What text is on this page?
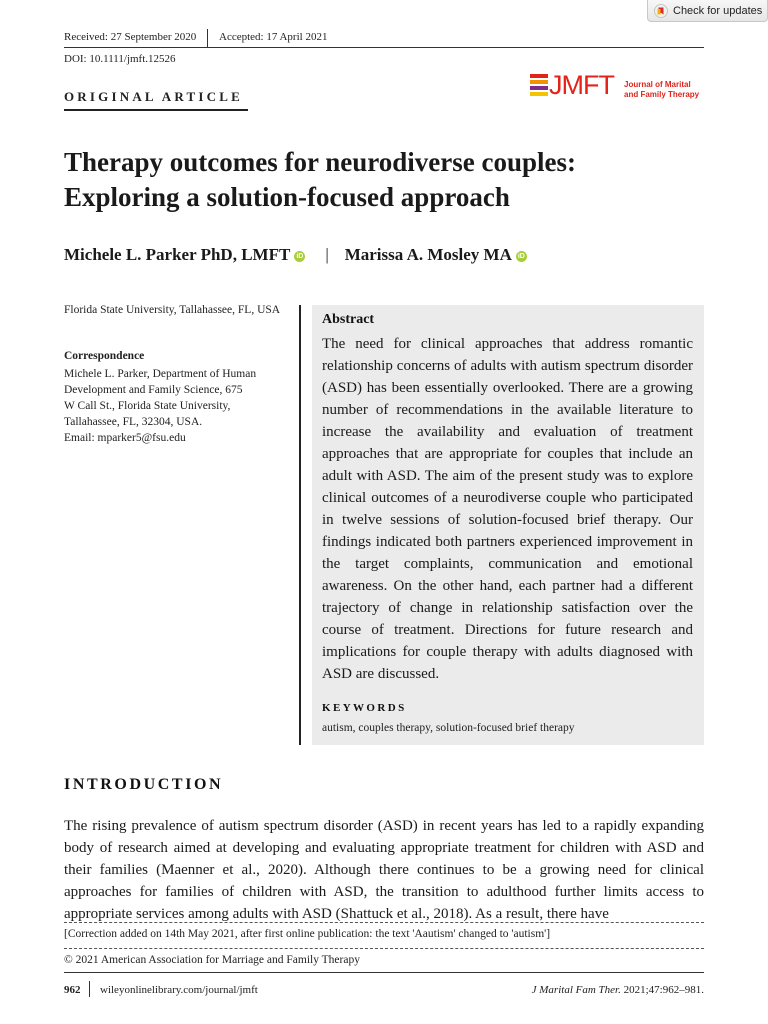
Check for updates
Received: 27 September 2020 Accepted: 17 April 2021
DOI: 10.1111/jmft.12526
ORIGINAL ARTICLE	JMFT Journal of Marital
and Family Therapy
Therapy outcomes for neurodiverse couples:
Exploring a solution-focused approach
Michele L. Parker PhD, LMFT iD | Marissa A. Mosley MA iD
Florida State University, Tallahassee, FL, USA
Correspondence
Michele L. Parker, Department of Human
Development and Family Science, 675
W Call St., Florida State University,
Tallahassee, FL, 32304, USA.
Email: mparker5@fsu.edu
Abstract

The need for clinical approaches that address romantic relationship concerns of adults with autism spectrum disorder (ASD) has been essentially overlooked. There are a growing number of recommendations in the available literature to increase the availability and evaluation of treatment approaches that are appropriate for couples that include an adult with ASD. The aim of the present study was to explore clinical outcomes of a neurodiverse couple who participated in twelve sessions of solution-focused brief therapy. Our findings indicated both partners experienced improvement in the target complaints, communication and emotional awareness. On the other hand, each partner had a different trajectory of change in relationship satisfaction over the course of treatment. Directions for future research and implications for couple therapy with adults diagnosed with ASD are discussed.

KEYWORDS
autism, couples therapy, solution-focused brief therapy
INTRODUCTION

The rising prevalence of autism spectrum disorder (ASD) in recent years has led to a rapidly expanding body of research aimed at developing and evaluating appropriate treatment for children with ASD and their families (Maenner et al., 2020). Although there continues to be a growing need for clinical approaches for families of children with ASD, the transition to adulthood further limits access to appropriate services among adults with ASD (Shattuck et al., 2018). As a result, there have

[Correction added on 14th May 2021, after first online publication: the text 'Aautism' changed to 'autism']
© 2021 American Association for Marriage and Family Therapy
962 wileyonlinelibrary.com/journal/jmft	J Marital Fam Ther. 2021;47:962–981.
